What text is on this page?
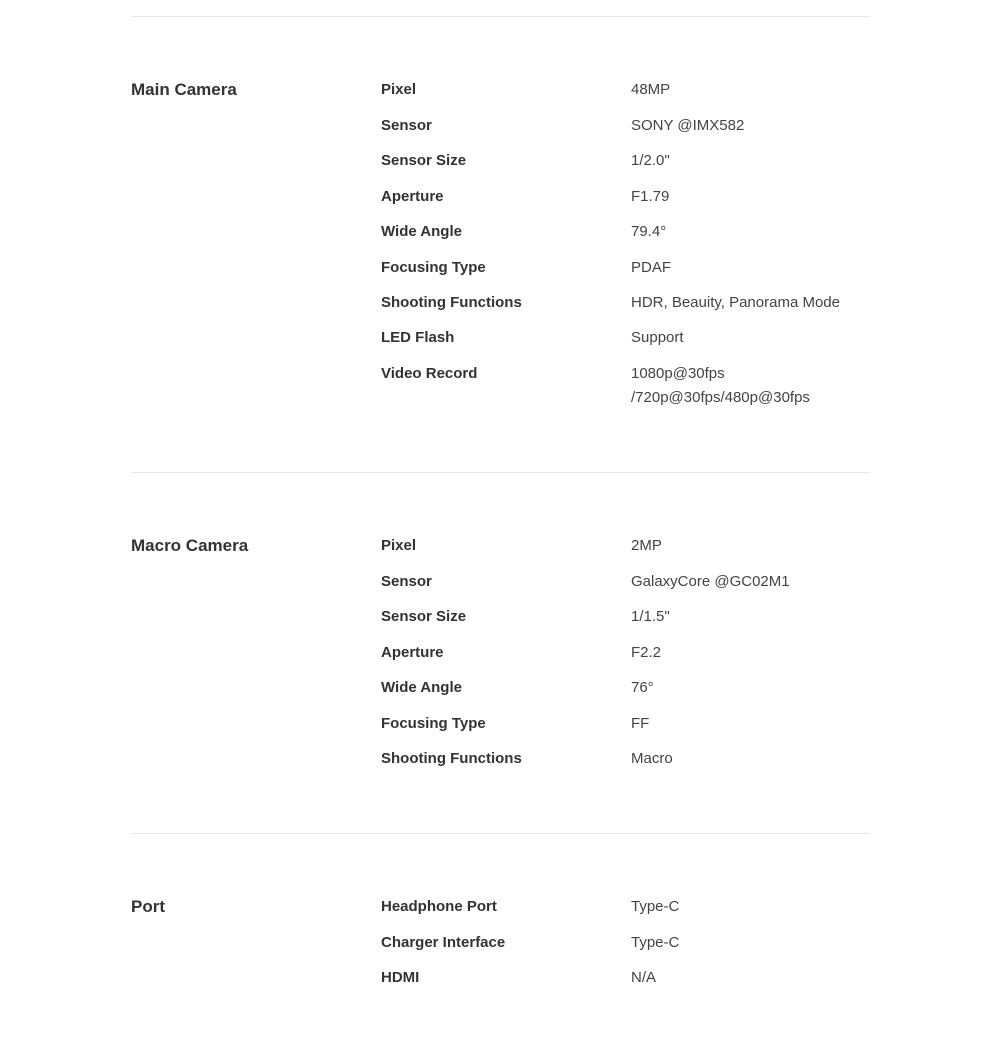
Main Camera	Pixel	48MP
Sensor	SONY @IMX582
Sensor Size	1/2.0"
Aperture	F1.79
Wide Angle	79.4°
Focusing Type	PDAF
Shooting Functions	HDR, Beauity, Panorama Mode
LED Flash	Support
Video Record	1080p@30fps /720p@30fps/480p@30fps
Macro Camera	Pixel	2MP
Sensor	GalaxyCore @GC02M1
Sensor Size	1/1.5"
Aperture	F2.2
Wide Angle	76°
Focusing Type	FF
Shooting Functions	Macro
Port	Headphone Port	Type-C
Charger Interface	Type-C
HDMI	N/A
